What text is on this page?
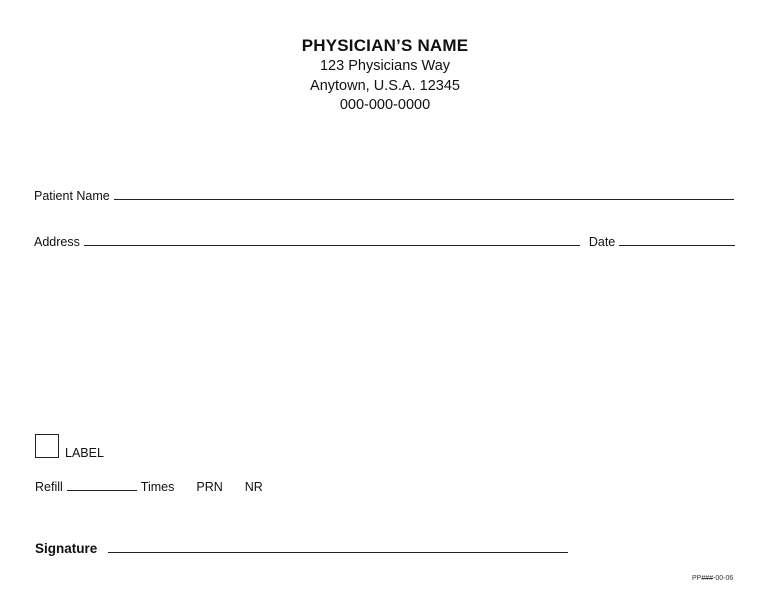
PHYSICIAN’S NAME
123 Physicians Way
Anytown, U.S.A. 12345
000-000-0000
Patient Name
Address	Date
LABEL
Refill	Times PRN NR
Signature
PP###-00-06
